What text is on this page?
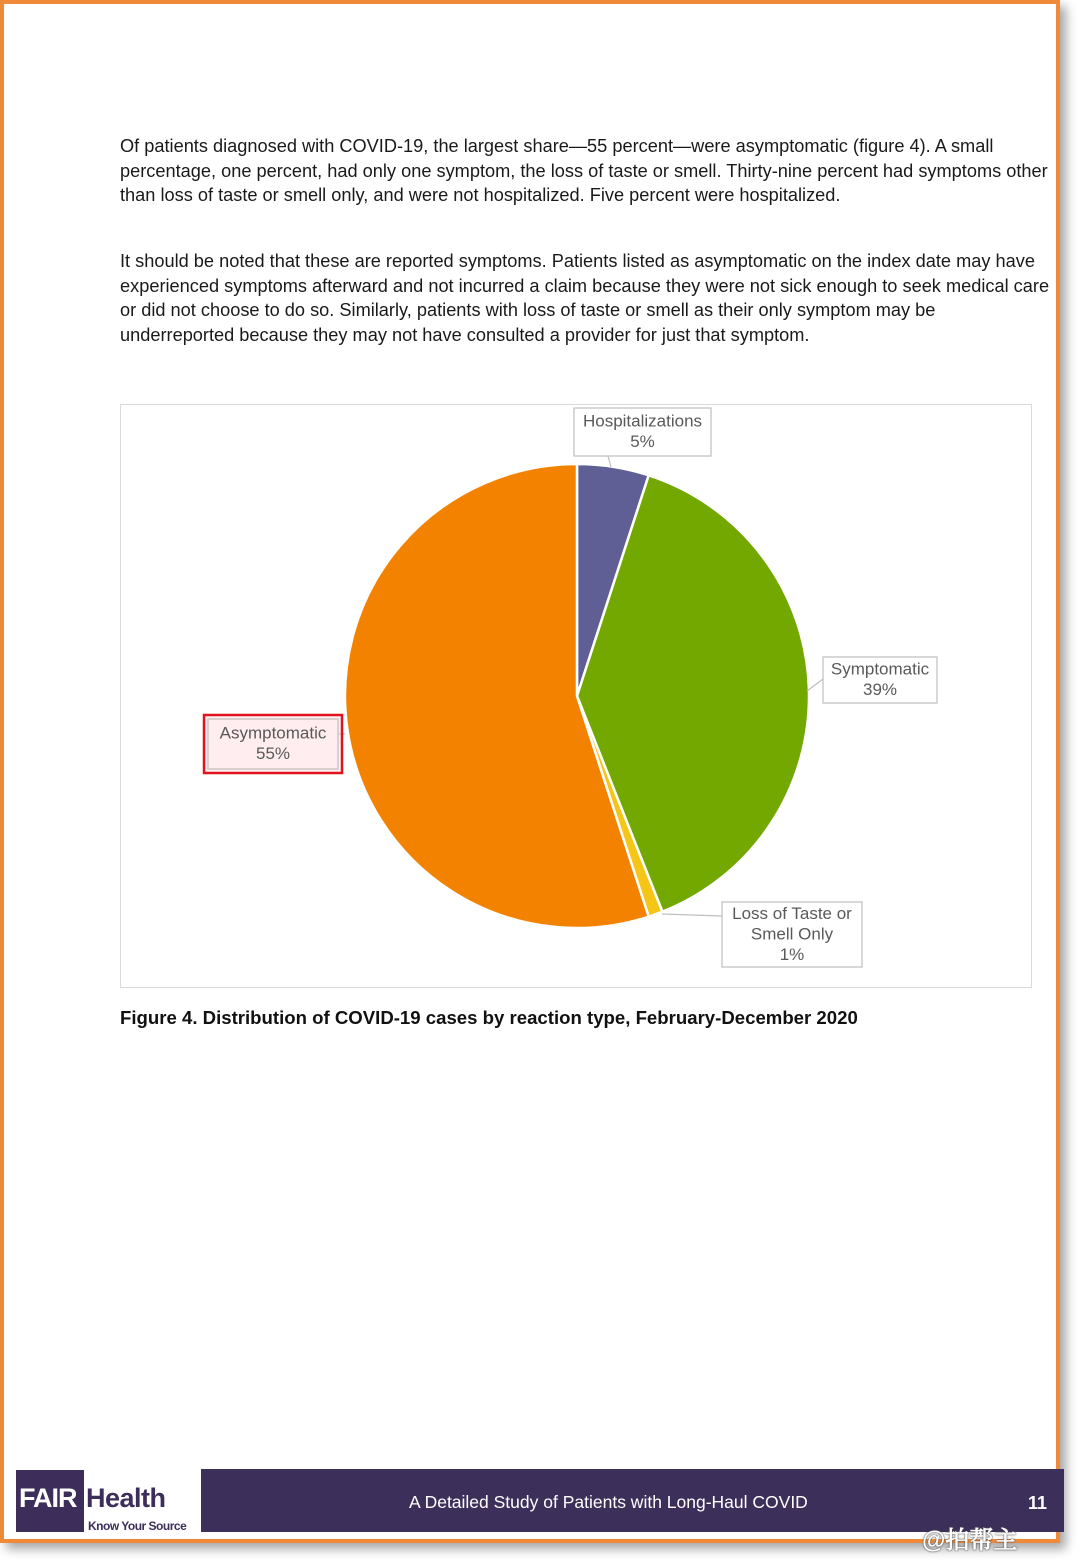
Of patients diagnosed with COVID-19, the largest share—55 percent—were asymptomatic (figure 4). A small percentage, one percent, had only one symptom, the loss of taste or smell. Thirty-nine percent had symptoms other than loss of taste or smell only, and were not hospitalized. Five percent were hospitalized.

It should be noted that these are reported symptoms. Patients listed as asymptomatic on the index date may have experienced symptoms afterward and not incurred a claim because they were not sick enough to seek medical care or did not choose to do so. Similarly, patients with loss of taste or smell as their only symptom may be underreported because they may not have consulted a provider for just that symptom.

Hospitalizations
5%
Symptomatic
39%
Loss of Taste or
Smell Only
1%
Asymptomatic
55%
Figure 4. Distribution of COVID-19 cases by reaction type, February-December 2020
FAIR Health
Know Your Source
A Detailed Study of Patients with Long-Haul COVID	11
@拍帮主
